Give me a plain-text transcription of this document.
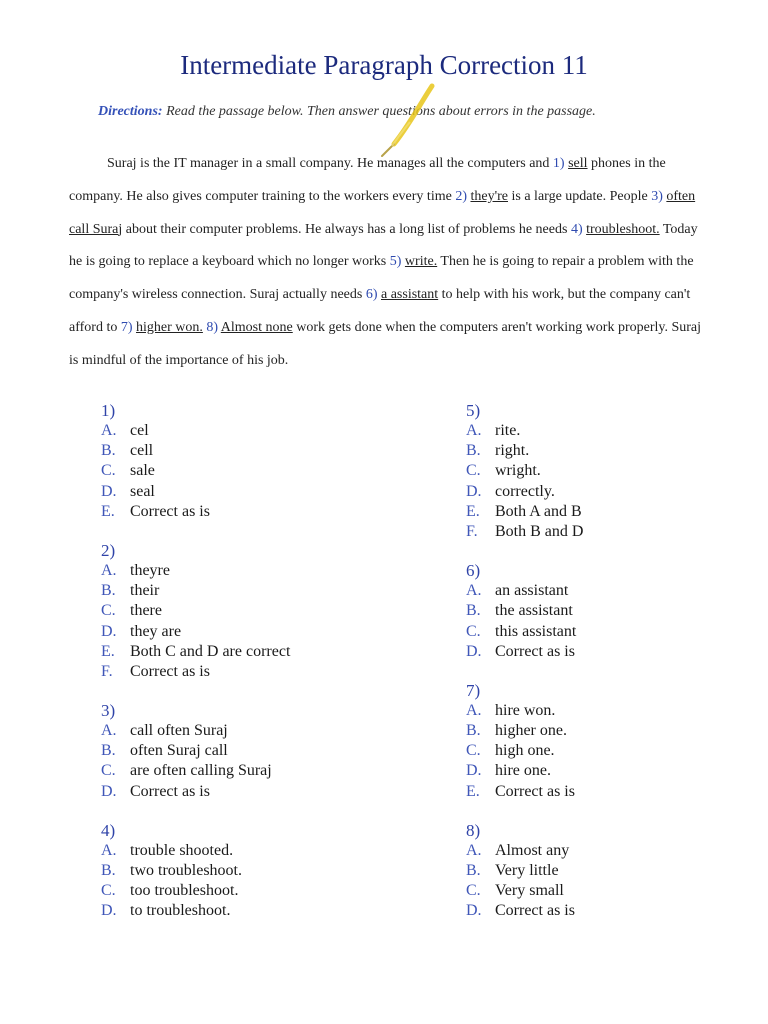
Intermediate Paragraph Correction 11
Directions: Read the passage below. Then answer questions about errors in the passage.
Suraj is the IT manager in a small company. He manages all the computers and 1) sell phones in the company. He also gives computer training to the workers every time 2) they're is a large update. People 3) often call Suraj about their computer problems. He always has a long list of problems he needs 4) troubleshoot. Today he is going to replace a keyboard which no longer works 5) write. Then he is going to repair a problem with the company's wireless connection. Suraj actually needs 6) a assistant to help with his work, but the company can't afford to 7) higher won. 8) Almost none work gets done when the computers aren't working work properly. Suraj is mindful of the importance of his job.
1)
A. cel
B. cell
C. sale
D. seal
E. Correct as is
2)
A. theyre
B. their
C. there
D. they are
E. Both C and D are correct
F. Correct as is
3)
A. call often Suraj
B. often Suraj call
C. are often calling Suraj
D. Correct as is
4)
A. trouble shooted.
B. two troubleshoot.
C. too troubleshoot.
D. to troubleshoot.
5)
A. rite.
B. right.
C. wright.
D. correctly.
E. Both A and B
F. Both B and D
6)
A. an assistant
B. the assistant
C. this assistant
D. Correct as is
7)
A. hire won.
B. higher one.
C. high one.
D. hire one.
E. Correct as is
8)
A. Almost any
B. Very little
C. Very small
D. Correct as is
